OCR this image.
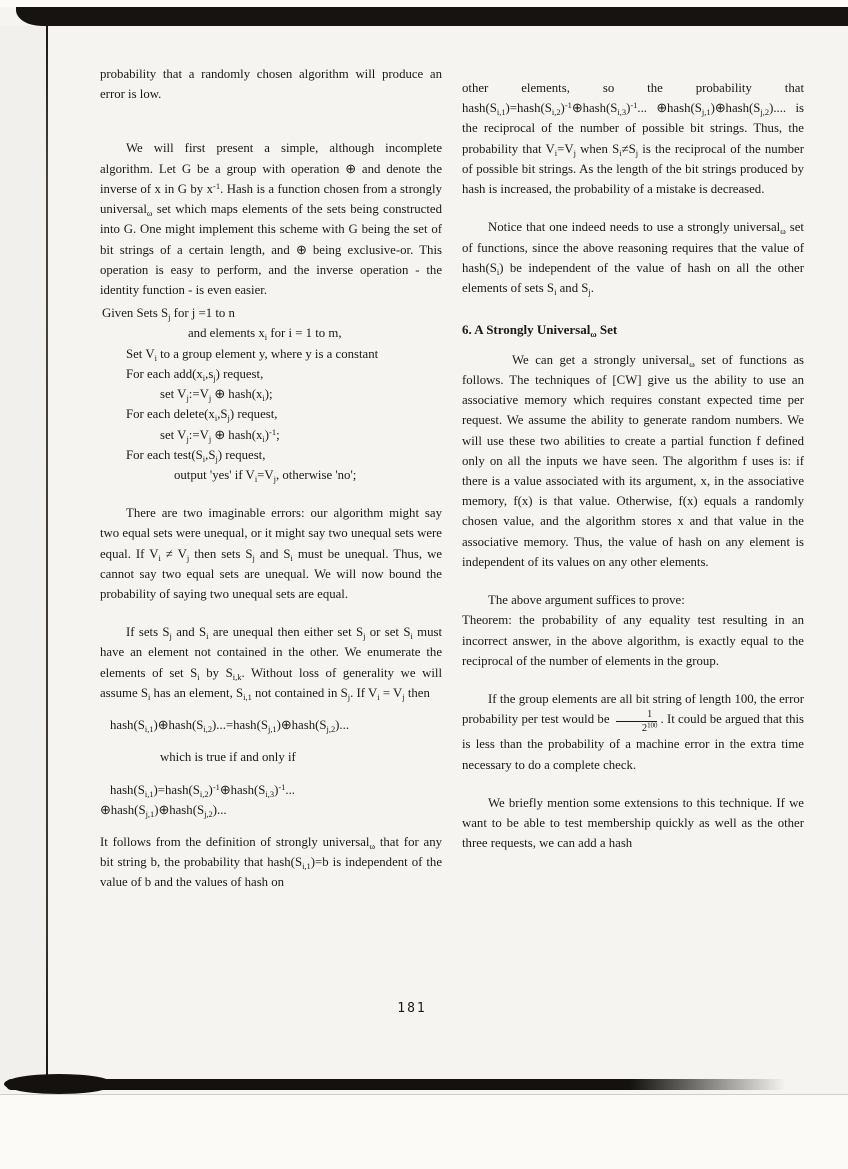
probability that a randomly chosen algorithm will produce an error is low.

We will first present a simple, although incomplete algorithm. Let G be a group with operation ⊕ and denote the inverse of x in G by $x^{-1}$. Hash is a function chosen from a strongly universal$_\omega$ set which maps elements of the sets being constructed into G. One might implement this scheme with G being the set of bit strings of a certain length, and ⊕ being exclusive-or. This operation is easy to perform, and the inverse operation - the identity function - is even easier.

Given Sets $S_j$ for j =1 to n
and elements $x_i$ for i = 1 to m,
Set $V_i$ to a group element y, where y is a constant
For each $add(x_i,s_j)$ request,
set $V_j:=V_j$ ⊕ $hash(x_i)$;
For each $delete(x_i,S_j)$ request,
set $V_j:=V_j$ ⊕ $hash(x_i)^{-1}$;
For each $test(S_i,S_j)$ request,
output 'yes' if $V_i=V_j$, otherwise 'no';

There are two imaginable errors: our algorithm might say two equal sets were unequal, or it might say two unequal sets were equal. If $V_i \ne V_j$ then sets $S_j$ and $S_i$ must be unequal. Thus, we cannot say two equal sets are unequal. We will now bound the probability of saying two unequal sets are equal.

If sets $S_j$ and $S_i$ are unequal then either set $S_j$ or set $S_i$ must have an element not contained in the other. We enumerate the elements of set $S_i$ by $S_{i,k}$. Without loss of generality we will assume $S_i$ has an element, $S_{i,1}$ not contained in $S_j$. If $V_i = V_j$ then

$hash(S_{i,1})\oplus hash(S_{i,2})...=hash(S_{j,1})\oplus hash(S_{j,2})$...
which is true if and only if
$hash(S_{i,1})=hash(S_{i,2})^{-1}\oplus hash(S_{i,3})^{-1}$...
$\oplus hash(S_{j,1})\oplus hash(S_{j,2})$...

It follows from the definition of strongly universal$_\omega$ that for any bit string b, the probability that $hash(S_{i,1})=b$ is independent of the value of b and the values of hash on

other elements, so the probability that $hash(S_{i,1})=hash(S_{i,2})^{-1}\oplus hash(S_{i,3})^{-1}$... $\oplus hash(S_{j,1})\oplus hash(S_{j,2})$.... is the reciprocal of the number of possible bit strings. Thus, the probability that $V_i=V_j$ when $S_i\ne S_j$ is the reciprocal of the number of possible bit strings. As the length of the bit strings produced by hash is increased, the probability of a mistake is decreased.

Notice that one indeed needs to use a strongly universal$_\omega$ set of functions, since the above reasoning requires that the value of $hash(S_i)$ be independent of the value of hash on all the other elements of sets $S_i$ and $S_j$.

6. A Strongly Universal$_\omega$ Set

We can get a strongly universal$_\omega$ set of functions as follows. The techniques of [CW] give us the ability to use an associative memory which requires constant expected time per request. We assume the ability to generate random numbers. We will use these two abilities to create a partial function f defined only on all the inputs we have seen. The algorithm f uses is: if there is a value associated with its argument, x, in the associative memory, f(x) is that value. Otherwise, f(x) equals a randomly chosen value, and the algorithm stores x and that value in the associative memory. Thus, the value of hash on any element is independent of its values on any other elements.

The above argument suffices to prove:

Theorem: the probability of any equality test resulting in an incorrect answer, in the above algorithm, is exactly equal to the reciprocal of the number of elements in the group.

If the group elements are all bit string of length 100, the error probability per test would be $\frac{1}{2^{100}}$ . It could be argued that this is less than the probability of a machine error in the extra time necessary to do a complete check.

We briefly mention some extensions to this technique. If we want to be able to test membership quickly as well as the other three requests, we can add a hash

181
